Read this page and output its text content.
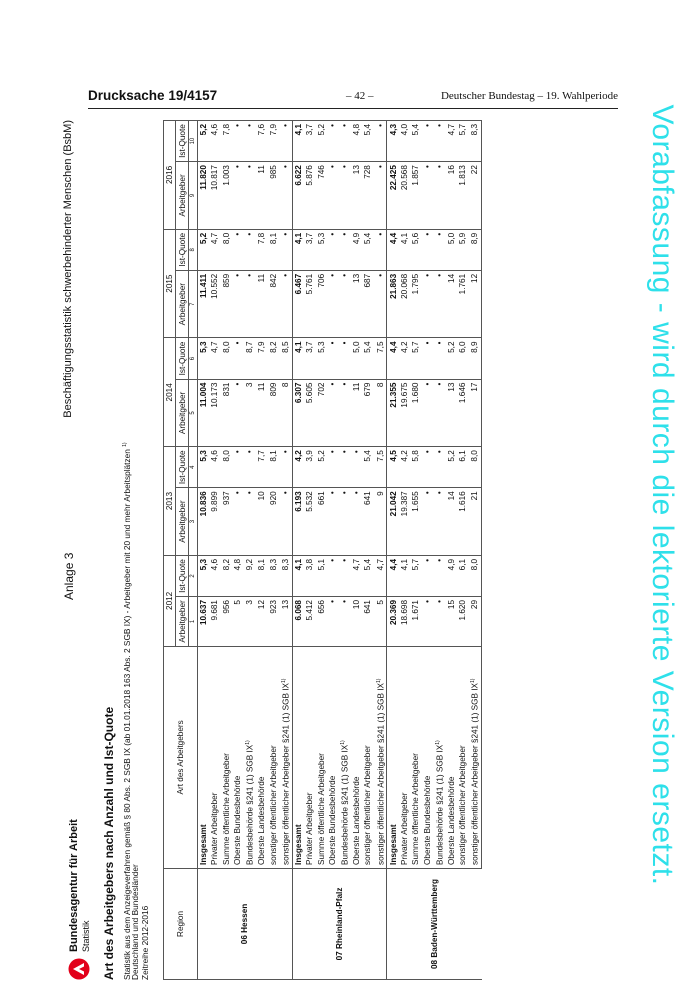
Drucksache 19/4157	– 42 –	Deutscher Bundestag – 19. Wahlperiode
Bundesagentur für Arbeit Statistik
Anlage 3
Beschäftigungsstatistik schwerbehinderter Menschen (BsbM)
Art des Arbeitgebers nach Anzahl und Ist-Quote Statistik aus dem Anzeigeverfahren gemäß § 80 Abs. 2 SGB IX (ab 01.01.2018 163 Abs. 2 SGB IX) - Arbeitgeber mit 20 und mehr Arbeitsplätzen $^{1)}$
Deutschland und Bundesländer Zeitreihe 2012-2016	Region	Art des Arbeitgebers	2012		2013		2014		2015		2016	
		Arbeitgeber	Ist-Quote	Arbeitgeber	Ist-Quote	Arbeitgeber	Ist-Quote	Arbeitgeber	Ist-Quote	Arbeitgeber	Ist-Quote
		1	2	3	4	5	6	7	8	9	10
06 Hessen	Insgesamt	10.637	5,3	10.836	5,3	11.004	5,3	11.411	5,2	11.820	5,2
	Privater Arbeitgeber	9.681	4,6	9.899	4,6	10.173	4,7	10.552	4,7	10.817	4,6
	Summe öffentliche Arbeitgeber	956	8,2	937	8,0	831	8,0	859	8,0	1.003	7,8
	Oberste Bundesbehörde	5	4,8	•	•	•	•	•	•	•	•
	Bundesbehörde §241 (1) SGB IX$^{1)}$	3	9,2	•	•	3	8,7	•	•	•	•
	Oberste Landesbehörde	12	8,1	10	7,7	11	7,9	11	7,8	11	7,6
	sonstiger öffentlicher Arbeitgeber	923	8,3	920	8,1	809	8,2	842	8,1	985	7,9
	sonstiger öffentlicher Arbeitgeber §241 (1) SGB IX$^{1)}$	13	8,3	•	•	8	8,5	•	•	•	•
07 Rheinland-Pfalz	Insgesamt	6.068	4,1	6.193	4,2	6.307	4,1	6.467	4,1	6.622	4,1
	Privater Arbeitgeber	5.412	3,8	5.532	3,9	5.605	3,7	5.761	3,7	5.876	3,7
	Summe öffentliche Arbeitgeber	656	5,1	661	5,2	702	5,3	706	5,3	746	5,2
	Oberste Bundesbehörde	•	•	•	•	•	•	•	•	•	•
	Bundesbehörde §241 (1) SGB IX$^{1)}$	•	•	•	•	•	•	•	•	•	•
	Oberste Landesbehörde	10	4,7	•	•	11	5,0	13	4,9	13	4,8
	sonstiger öffentlicher Arbeitgeber	641	5,4	641	5,4	679	5,4	687	5,4	728	5,4
	sonstiger öffentlicher Arbeitgeber §241 (1) SGB IX$^{1)}$	5	4,7	9	7,5	8	7,5	•	•	•	•
08 Baden-Württemberg	Insgesamt	20.369	4,4	21.042	4,5	21.355	4,4	21.863	4,4	22.425	4,3
	Privater Arbeitgeber	18.698	4,1	19.387	4,2	19.675	4,2	20.068	4,1	20.568	4,0
	Summe öffentliche Arbeitgeber	1.671	5,7	1.655	5,8	1.680	5,7	1.795	5,6	1.857	5,4
	Oberste Bundesbehörde	•	•	•	•	•	•	•	•	•	•
	Bundesbehörde §241 (1) SGB IX$^{1)}$	•	•	•	•	•	•	•	•	•	•
	Oberste Landesbehörde	15	4,9	14	5,2	13	5,2	14	5,0	16	4,7
	sonstiger öffentlicher Arbeitgeber	1.620	6,1	1.616	6,1	1.646	6,0	1.761	5,9	1.813	5,7
	sonstiger öffentlicher Arbeitgeber §241 (1) SGB IX$^{1)}$	29	8,0	21	8,0	17	8,9	12	8,9	22	8,3	Vorabfassung - wird durch die lektorierte Version ersetzt.
